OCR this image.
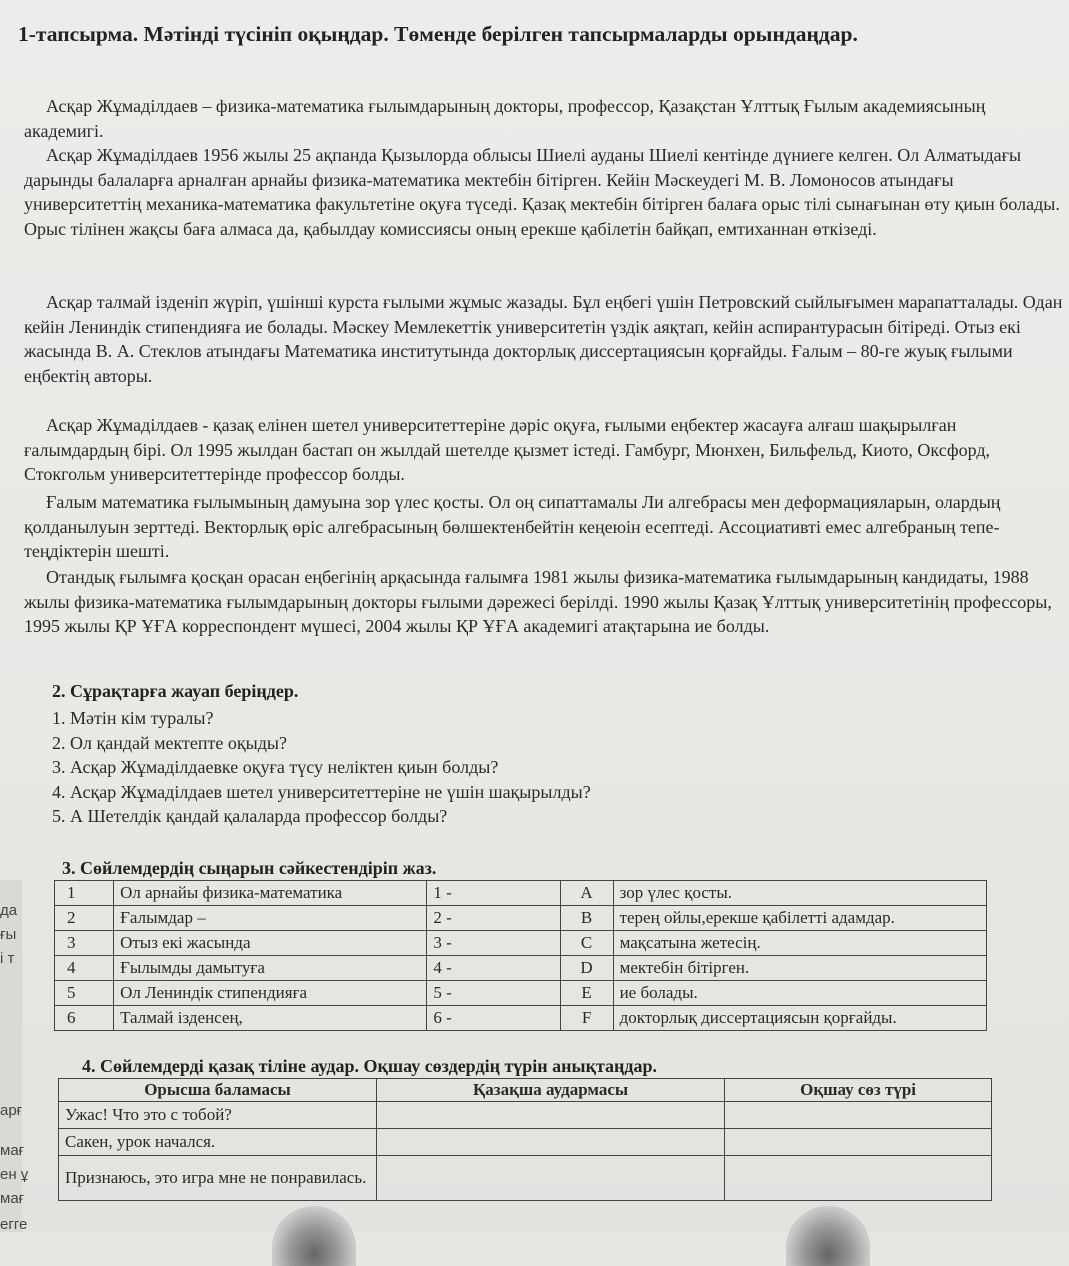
да
ғы
і т
арғ
мағ
ен ұ
мағ
егге
1-тапсырма. Мәтінді түсініп оқыңдар. Төменде берілген тапсырмаларды орындаңдар.

Асқар Жұмаділдаев – физика-математика ғылымдарының докторы, профессор, Қазақстан Ұлттық Ғылым академиясының академигі.

Асқар Жұмаділдаев 1956 жылы 25 ақпанда Қызылорда облысы Шиелі ауданы Шиелі кентінде дүниеге келген. Ол Алматыдағы дарынды балаларға арналған арнайы физика-математика мектебін бітірген. Кейін Мәскеудегі М. В. Ломоносов атындағы университеттің механика-математика факультетіне оқуға түседі. Қазақ мектебін бітірген балаға орыс тілі сынағынан өту қиын болады. Орыс тілінен жақсы баға алмаса да, қабылдау комиссиясы оның ерекше қабілетін байқап, емтиханнан өткізеді.

Асқар талмай ізденіп жүріп, үшінші курста ғылыми жұмыс жазады. Бұл еңбегі үшін Петровский сыйлығымен марапатталады. Одан кейін Лениндік стипендияға ие болады. Мәскеу Мемлекеттік университетін үздік аяқтап, кейін аспирантурасын бітіреді. Отыз екі жасында В. А. Стеклов атындағы Математика институтында докторлық диссертациясын қорғайды. Ғалым – 80-ге жуық ғылыми еңбектің авторы.

Асқар Жұмаділдаев - қазақ елінен шетел университеттеріне дәріс оқуға, ғылыми еңбектер жасауға алғаш шақырылған ғалымдардың бірі. Ол 1995 жылдан бастап он жылдай шетелде қызмет істеді. Гамбург, Мюнхен, Бильфельд, Киото, Оксфорд, Стокгольм университеттерінде профессор болды.

Ғалым математика ғылымының дамуына зор үлес қосты. Ол оң сипаттамалы Ли алгебрасы мен деформацияларын, олардың қолданылуын зерттеді. Векторлық өріс алгебрасының бөлшектенбейтін кеңеюін есептеді. Ассоциативті емес алгебраның тепе-теңдіктерін шешті.

Отандық ғылымға қосқан орасан еңбегінің арқасында ғалымға 1981 жылы физика-математика ғылымдарының кандидаты, 1988 жылы физика-математика ғылымдарының докторы ғылыми дәрежесі берілді. 1990 жылы Қазақ Ұлттық университетінің профессоры, 1995 жылы ҚР ҰҒА корреспондент мүшесі, 2004 жылы ҚР ҰҒА академигі атақтарына ие болды.

2. Сұрақтарға жауап беріңдер.
1. Мәтін кім туралы?
2. Ол қандай мектепте оқыды?
3. Асқар Жұмаділдаевке оқуға түсу неліктен қиын болды?
4. Асқар Жұмаділдаев шетел университеттеріне не үшін шақырылды?
5. А Шетелдік қандай қалаларда профессор болды?
3. Сөйлемдердің сыңарын сәйкестендіріп жаз.
1	Ол арнайы физика-математика	1 -	A	зор үлес қосты.
2	Ғалымдар –	2 -	B	терең ойлы,ерекше қабілетті адамдар.
3	Отыз екі жасында	3 -	C	мақсатына жетесің.
4	Ғылымды дамытуға	4 -	D	мектебін бітірген.
5	Ол Лениндік стипендияға	5 -	E	ие болады.
6	Талмай ізденсең,	6 -	F	докторлық диссертациясын қорғайды.
4. Сөйлемдерді қазақ тіліне аудар. Оқшау сөздердің түрін анықтаңдар.
Орысша баламасы	Қазақша аудармасы	Оқшау сөз түрі
Ужас! Что это с тобой?		
Сакен, урок начался.		
Признаюсь, это игра мне не понравилась.		
